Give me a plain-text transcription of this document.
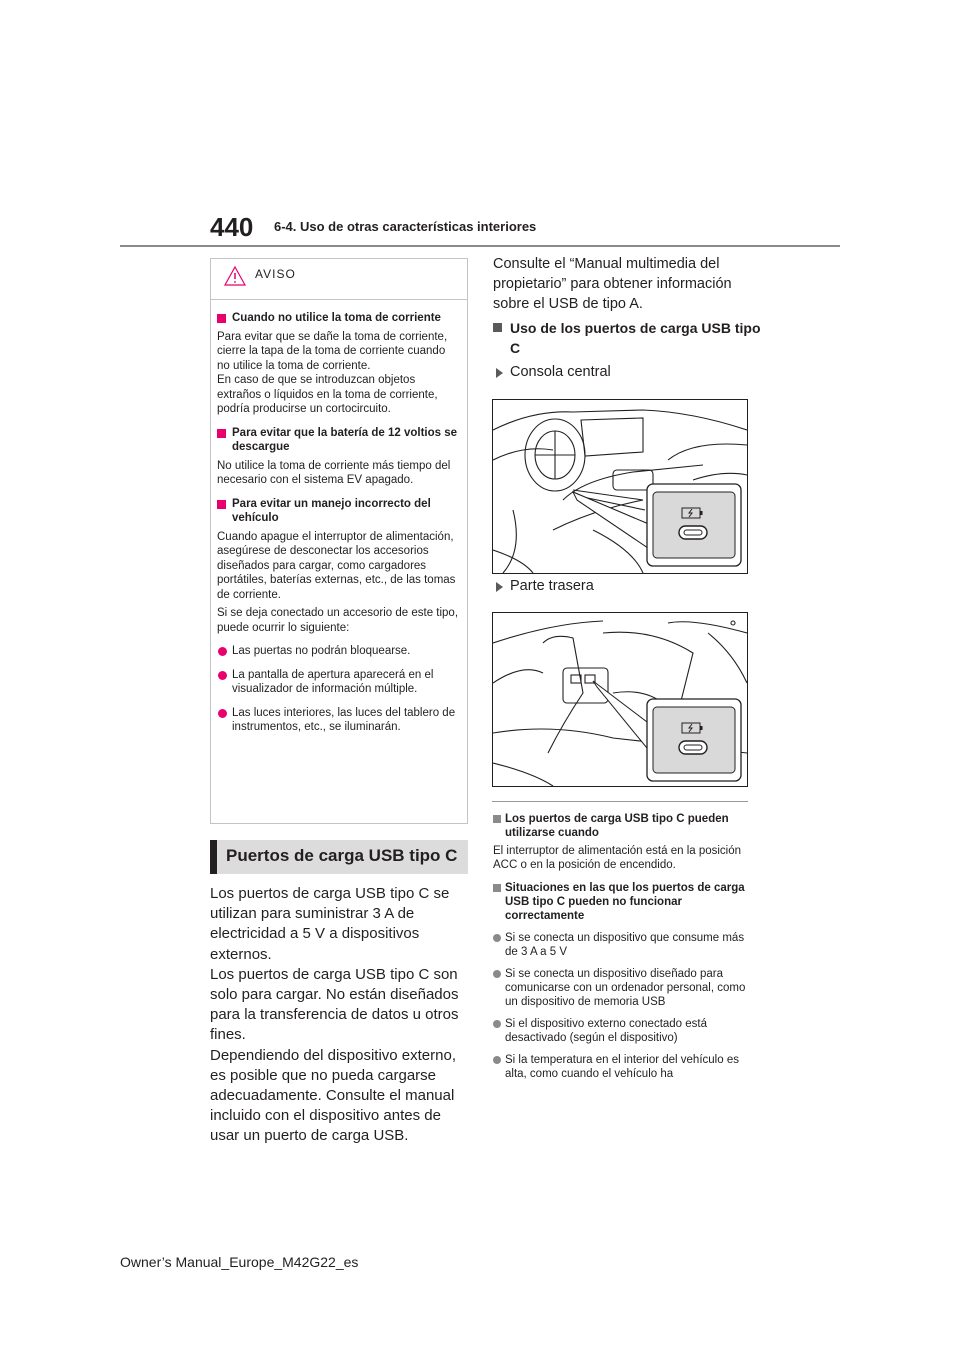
440 6-4. Uso de otras características interiores
AVISO
Cuando no utilice la toma de corriente
Para evitar que se dañe la toma de corriente, cierre la tapa de la toma de corriente cuando no utilice la toma de corriente.
En caso de que se introduzcan objetos extraños o líquidos en la toma de corriente, podría producirse un cortocircuito.
Para evitar que la batería de 12 voltios se descargue
No utilice la toma de corriente más tiempo del necesario con el sistema EV apagado.
Para evitar un manejo incorrecto del vehículo
Cuando apague el interruptor de alimentación, asegúrese de desconectar los accesorios diseñados para cargar, como cargadores portátiles, baterías externas, etc., de las tomas de corriente.
Si se deja conectado un accesorio de este tipo, puede ocurrir lo siguiente:
Las puertas no podrán bloquearse.
La pantalla de apertura aparecerá en el visualizador de información múltiple.
Las luces interiores, las luces del tablero de instrumentos, etc., se iluminarán.
Puertos de carga USB tipo C
Los puertos de carga USB tipo C se utilizan para suministrar 3 A de electricidad a 5 V a dispositivos externos.
Los puertos de carga USB tipo C son solo para cargar. No están diseñados para la transferencia de datos u otros fines.
Dependiendo del dispositivo externo, es posible que no pueda cargarse adecuadamente. Consulte el manual incluido con el dispositivo antes de usar un puerto de carga USB.
Consulte el “Manual multimedia del propietario” para obtener información sobre el USB de tipo A.
Uso de los puertos de carga USB tipo C
Consola central
Parte trasera
Los puertos de carga USB tipo C pueden utilizarse cuando
El interruptor de alimentación está en la posición ACC o en la posición de encendido.
Situaciones en las que los puertos de carga USB tipo C pueden no funcionar correctamente
Si se conecta un dispositivo que consume más de 3 A a 5 V
Si se conecta un dispositivo diseñado para comunicarse con un ordenador personal, como un dispositivo de memoria USB
Si el dispositivo externo conectado está desactivado (según el dispositivo)
Si la temperatura en el interior del vehículo es alta, como cuando el vehículo ha
Owner’s Manual_Europe_M42G22_es
